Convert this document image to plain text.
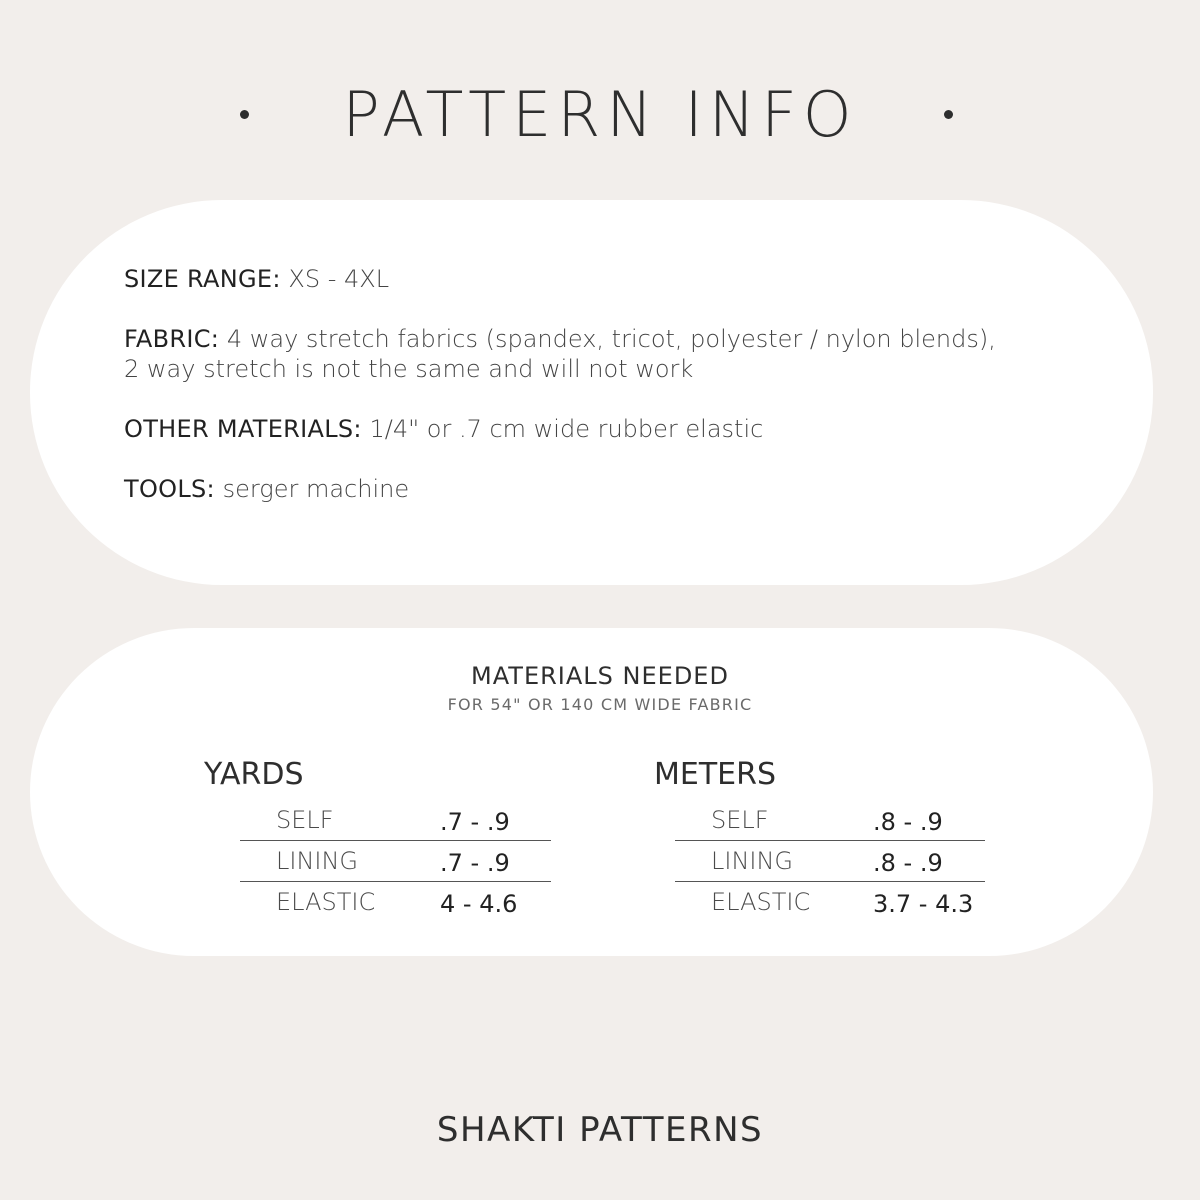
PATTERN INFO
SIZE RANGE: XS - 4XL
FABRIC: 4 way stretch fabrics (spandex, tricot, polyester / nylon blends), 2 way stretch is not the same and will not work
OTHER MATERIALS: 1/4" or .7 cm wide rubber elastic
TOOLS: serger machine
MATERIALS NEEDED
FOR 54" OR 140 CM WIDE FABRIC
YARDS
SELF	.7 - .9
LINING	.7 - .9
ELASTIC	4 - 4.6
METERS
SELF	.8 - .9
LINING	.8 - .9
ELASTIC	3.7 - 4.3
SHAKTI PATTERNS
